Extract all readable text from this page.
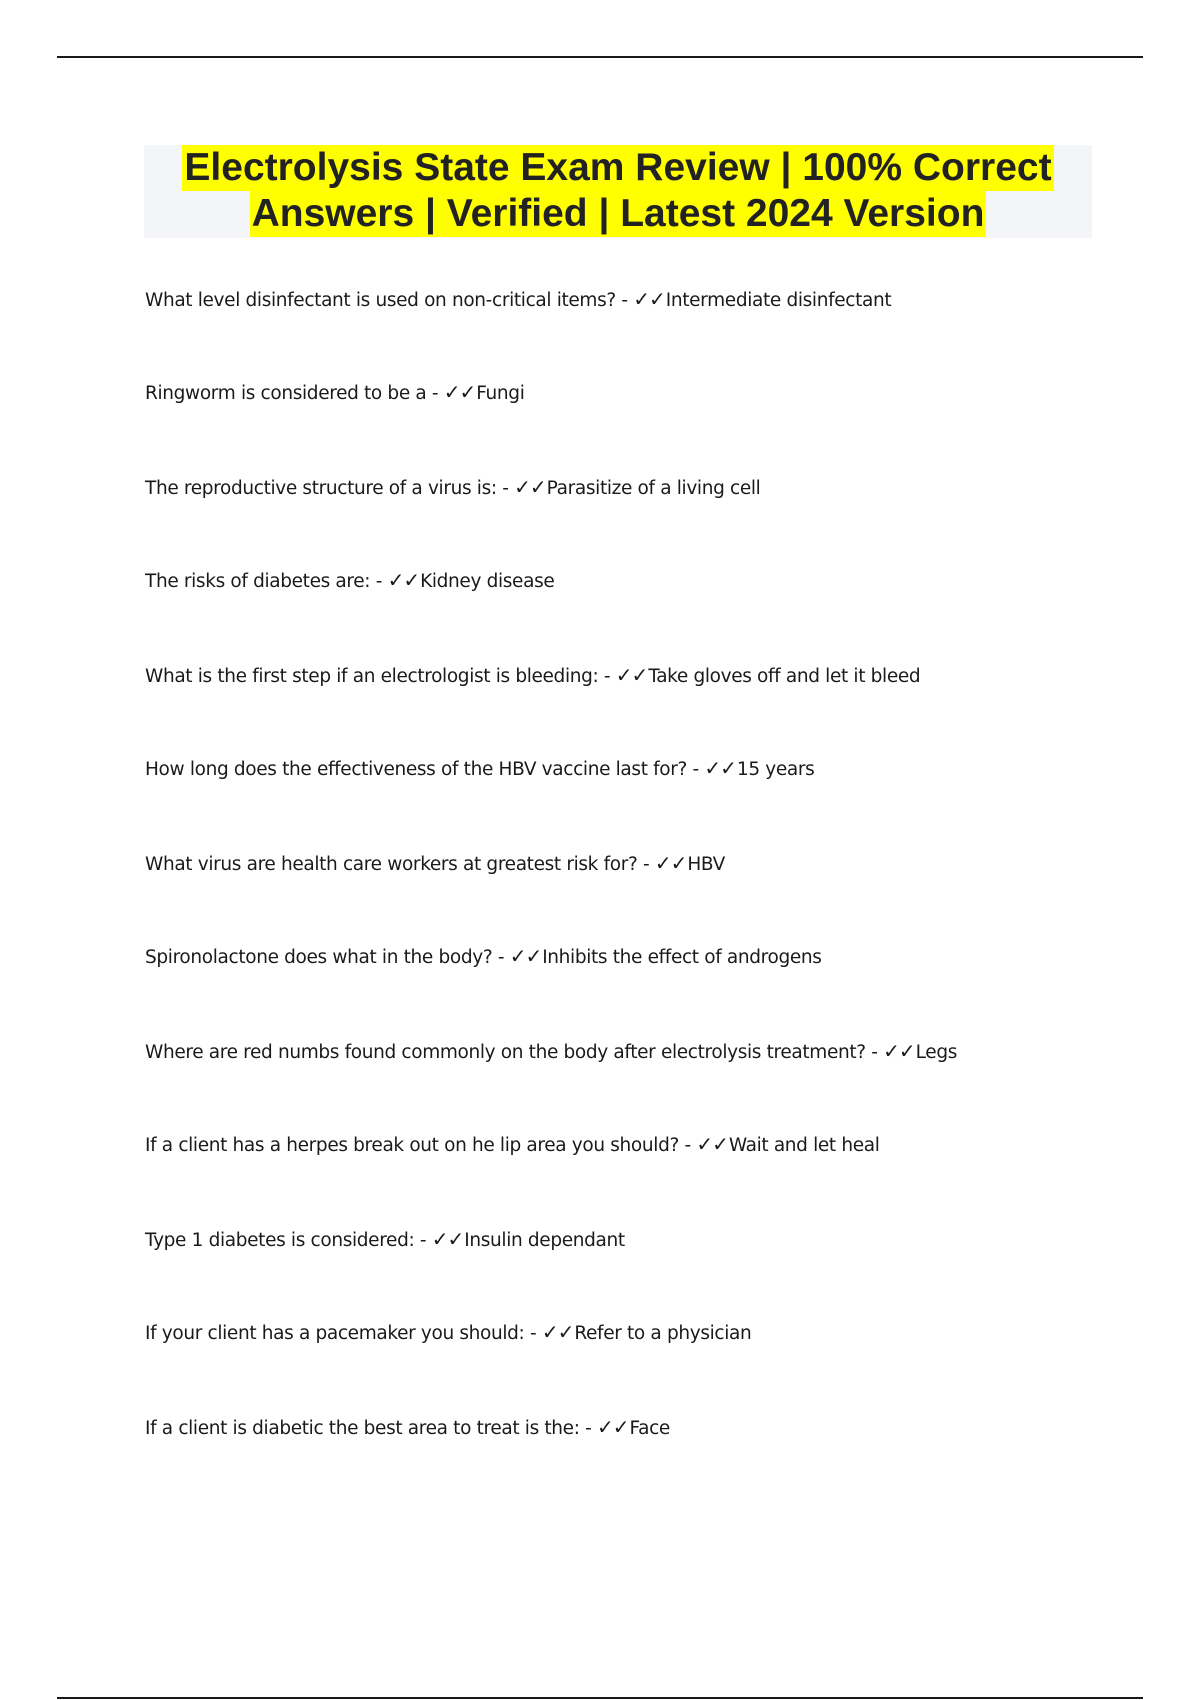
Electrolysis State Exam Review | 100% Correct
Answers | Verified | Latest 2024 Version
What level disinfectant is used on non-critical items? - ✓✓Intermediate disinfectant
Ringworm is considered to be a - ✓✓Fungi
The reproductive structure of a virus is: - ✓✓Parasitize of a living cell
The risks of diabetes are: - ✓✓Kidney disease
What is the first step if an electrologist is bleeding: - ✓✓Take gloves off and let it bleed
How long does the effectiveness of the HBV vaccine last for? - ✓✓15 years
What virus are health care workers at greatest risk for? - ✓✓HBV
Spironolactone does what in the body? - ✓✓Inhibits the effect of androgens
Where are red numbs found commonly on the body after electrolysis treatment? - ✓✓Legs
If a client has a herpes break out on he lip area you should? - ✓✓Wait and let heal
Type 1 diabetes is considered: - ✓✓Insulin dependant
If your client has a pacemaker you should: - ✓✓Refer to a physician
If a client is diabetic the best area to treat is the: - ✓✓Face
